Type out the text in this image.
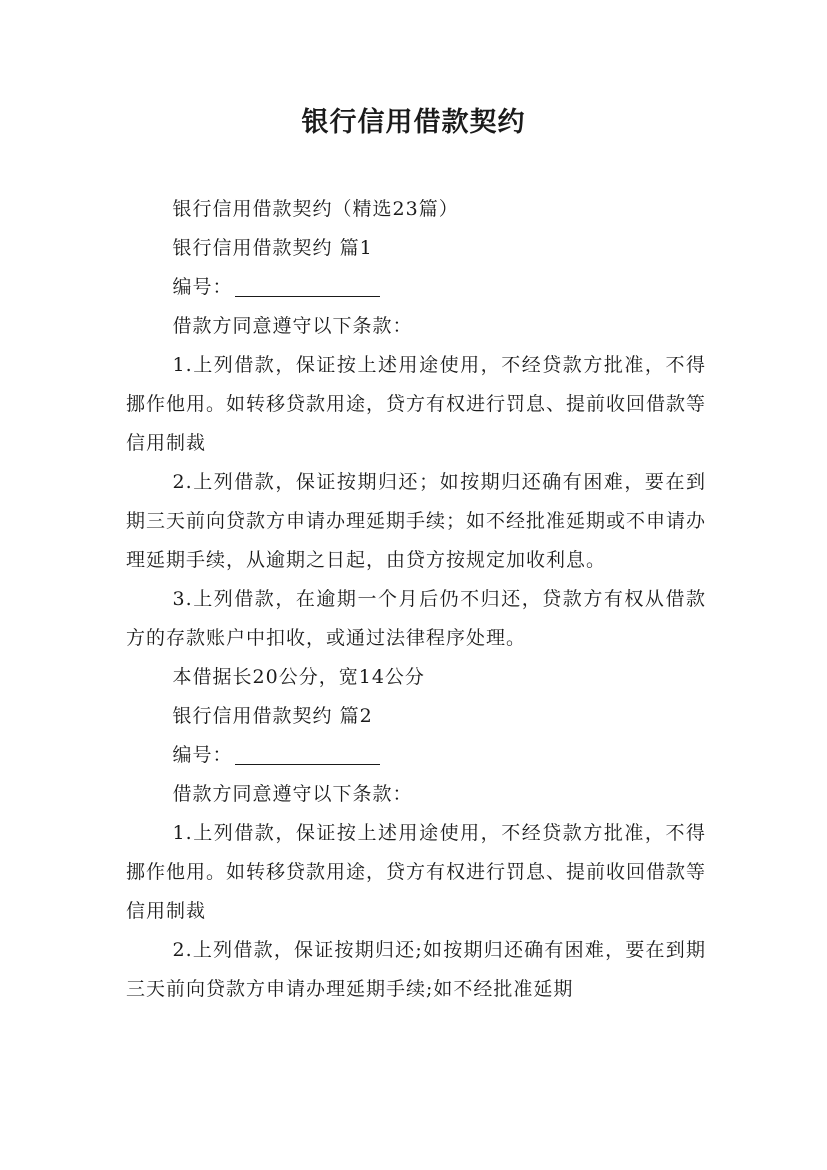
银行信用借款契约

银行信用借款契约（精选23篇）

银行信用借款契约 篇1

编号：

借款方同意遵守以下条款：

1.上列借款，保证按上述用途使用，不经贷款方批准，不得挪作他用。如转移贷款用途，贷方有权进行罚息、提前收回借款等信用制裁

2.上列借款，保证按期归还；如按期归还确有困难，要在到期三天前向贷款方申请办理延期手续；如不经批准延期或不申请办理延期手续，从逾期之日起，由贷方按规定加收利息。

3.上列借款，在逾期一个月后仍不归还，贷款方有权从借款方的存款账户中扣收，或通过法律程序处理。

本借据长20公分，宽14公分

银行信用借款契约 篇2

编号：

借款方同意遵守以下条款：

1.上列借款，保证按上述用途使用，不经贷款方批准，不得挪作他用。如转移贷款用途，贷方有权进行罚息、提前收回借款等信用制裁

2.上列借款，保证按期归还;如按期归还确有困难，要在到期三天前向贷款方申请办理延期手续;如不经批准延期
